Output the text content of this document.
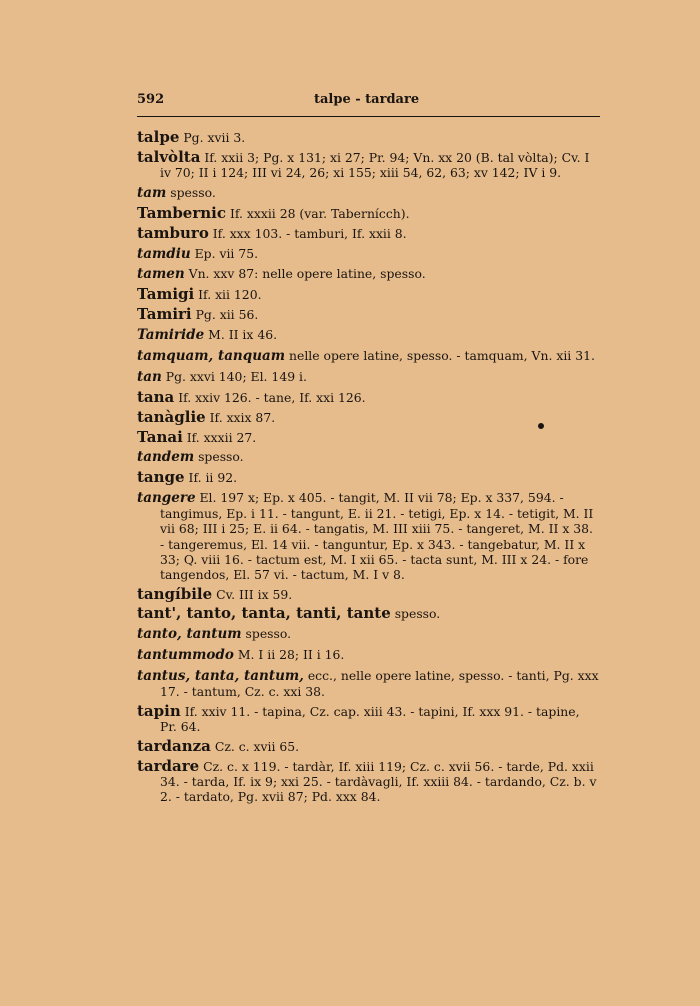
592	talpe - tardare

talpe Pg. xvii 3.

talvòlta If. xxii 3; Pg. x 131; xi 27; Pr. 94; Vn. xx 20 (B. tal vòlta); Cv. I iv 70; II i 124; III vi 24, 26; xi 155; xiii 54, 62, 63; xv 142; IV i 9.

tam spesso.

Tambernic If. xxxii 28 (var. Tabernícch).

tamburo If. xxx 103. - tamburi, If. xxii 8.

tamdiu Ep. vii 75.

tamen Vn. xxv 87: nelle opere latine, spesso.

Tamigi If. xii 120.

Tamiri Pg. xii 56.

Tamiride M. II ix 46.

tamquam, tanquam nelle opere latine, spesso. - tamquam, Vn. xii 31.

tan Pg. xxvi 140; El. 149 i.

tana If. xxiv 126. - tane, If. xxi 126.

tanàglie If. xxix 87.

Tanai If. xxxii 27.

tandem spesso.

tange If. ii 92.

tangere El. 197 x; Ep. x 405. - tangit, M. II vii 78; Ep. x 337, 594. - tangimus, Ep. i 11. - tangunt, E. ii 21. - tetigi, Ep. x 14. - tetigit, M. II vii 68; III i 25; E. ii 64. - tangatis, M. III xiii 75. - tangeret, M. II x 38. - tangeremus, El. 14 vii. - tanguntur, Ep. x 343. - tangebatur, M. II x 33; Q. viii 16. - tactum est, M. I xii 65. - tacta sunt, M. III x 24. - fore tangendos, El. 57 vi. - tactum, M. I v 8.

tangíbile Cv. III ix 59.

tant', tanto, tanta, tanti, tante spesso.

tanto, tantum spesso.

tantummodo M. I ii 28; II i 16.

tantus, tanta, tantum, ecc., nelle opere latine, spesso. - tanti, Pg. xxx 17. - tantum, Cz. c. xxi 38.

tapin If. xxiv 11. - tapina, Cz. cap. xiii 43. - tapini, If. xxx 91. - tapine, Pr. 64.

tardanza Cz. c. xvii 65.

tardare Cz. c. x 119. - tardàr, If. xiii 119; Cz. c. xvii 56. - tarde, Pd. xxii 34. - tarda, If. ix 9; xxi 25. - tardàvagli, If. xxiii 84. - tardando, Cz. b. v 2. - tardato, Pg. xvii 87; Pd. xxx 84.
